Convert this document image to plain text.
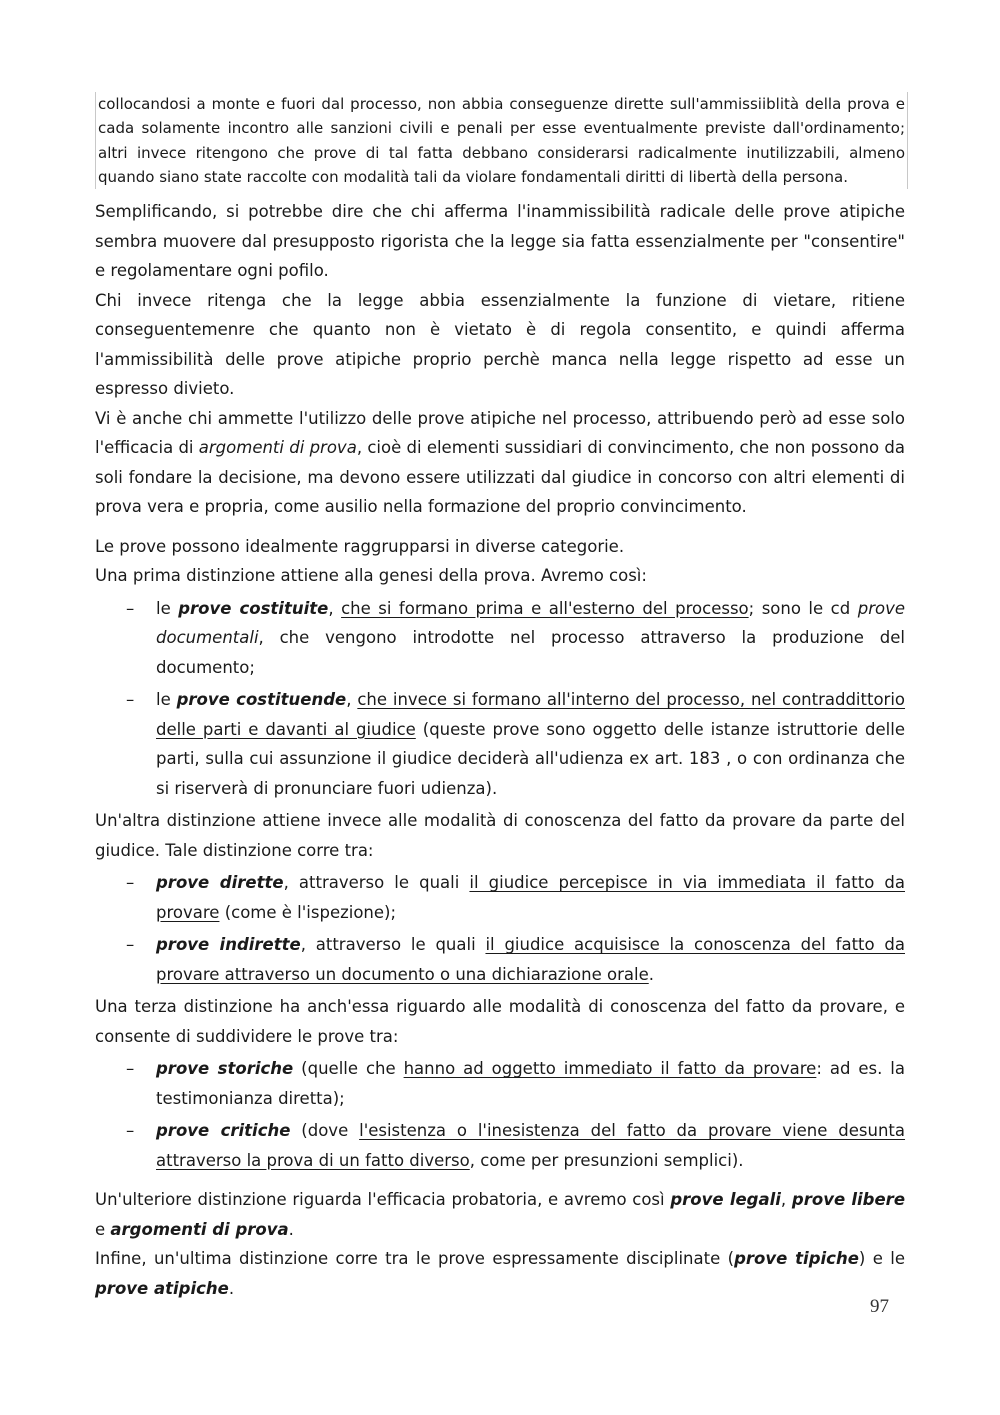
collocandosi a monte e fuori dal processo, non abbia conseguenze dirette sull'ammissiiblità della prova e cada solamente incontro alle sanzioni civili e penali per esse eventualmente previste dall'ordinamento; altri invece ritengono che prove di tal fatta debbano considerarsi radicalmente inutilizzabili, almeno quando siano state raccolte con modalità tali da violare fondamentali diritti di libertà della persona.

Semplificando, si potrebbe dire che chi afferma l'inammissibilità radicale delle prove atipiche sembra muovere dal presupposto rigorista che la legge sia fatta essenzialmente per "consentire" e regolamentare ogni pofilo.

Chi invece ritenga che la legge abbia essenzialmente la funzione di vietare, ritiene conseguentemenre che quanto non è vietato è di regola consentito, e quindi afferma l'ammissibilità delle prove atipiche proprio perchè manca nella legge rispetto ad esse un espresso divieto.

Vi è anche chi ammette l'utilizzo delle prove atipiche nel processo, attribuendo però ad esse solo l'efficacia di argomenti di prova, cioè di elementi sussidiari di convincimento, che non possono da soli fondare la decisione, ma devono essere utilizzati dal giudice in concorso con altri elementi di prova vera e propria, come ausilio nella formazione del proprio convincimento.

Le prove possono idealmente raggrupparsi in diverse categorie.

Una prima distinzione attiene alla genesi della prova. Avremo così:

– le prove costituite, che si formano prima e all'esterno del processo; sono le cd prove documentali, che vengono introdotte nel processo attraverso la produzione del documento;
– le prove costituende, che invece si formano all'interno del processo, nel contraddittorio delle parti e davanti al giudice (queste prove sono oggetto delle istanze istruttorie delle parti, sulla cui assunzione il giudice deciderà all'udienza ex art. 183 , o con ordinanza che si riserverà di pronunciare fuori udienza).

Un'altra distinzione attiene invece alle modalità di conoscenza del fatto da provare da parte del giudice. Tale distinzione corre tra:

– prove dirette, attraverso le quali il giudice percepisce in via immediata il fatto da provare (come è l'ispezione);
– prove indirette, attraverso le quali il giudice acquisisce la conoscenza del fatto da provare attraverso un documento o una dichiarazione orale.

Una terza distinzione ha anch'essa riguardo alle modalità di conoscenza del fatto da provare, e consente di suddividere le prove tra:

– prove storiche (quelle che hanno ad oggetto immediato il fatto da provare: ad es. la testimonianza diretta);
– prove critiche (dove l'esistenza o l'inesistenza del fatto da provare viene desunta attraverso la prova di un fatto diverso, come per presunzioni semplici).

Un'ulteriore distinzione riguarda l'efficacia probatoria, e avremo così prove legali, prove libere e argomenti di prova.

Infine, un'ultima distinzione corre tra le prove espressamente disciplinate (prove tipiche) e le prove atipiche.

97
